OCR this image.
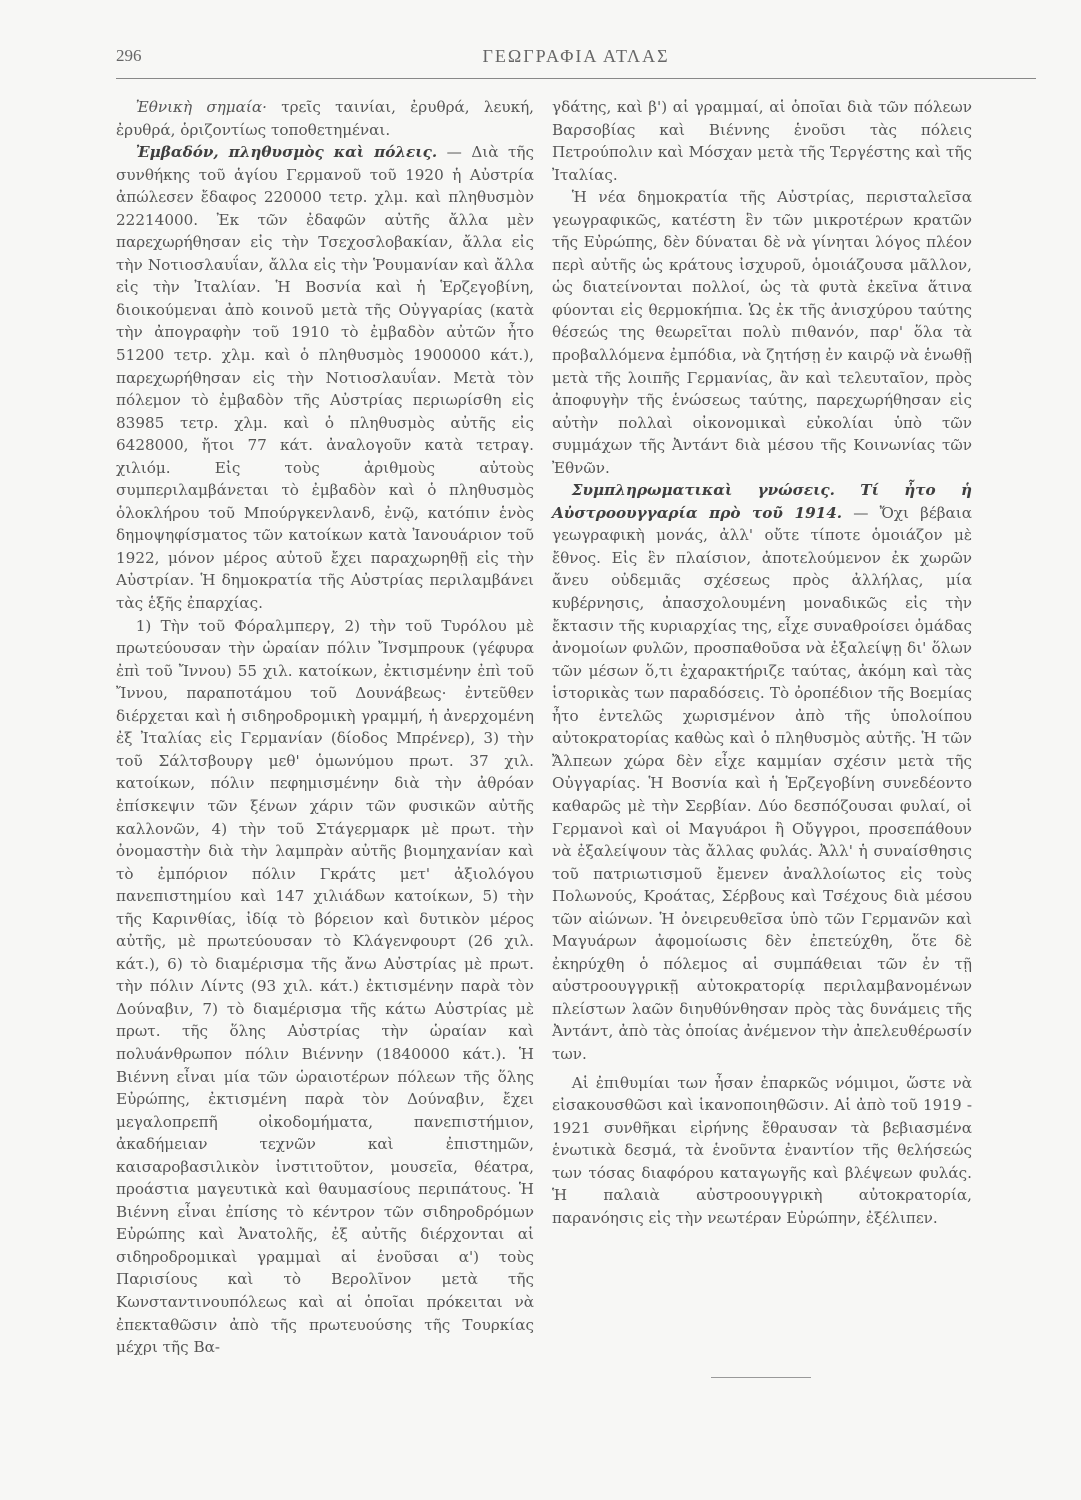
296	ΓΕΩΓΡΑΦΙΑ ΑΤΛΑΣ

Ἐθνικὴ σημαία· τρεῖς ταινίαι, ἐρυθρά, λευκή, ἐρυθρά, ὁριζοντίως τοποθετημέναι.

Ἐμβαδόν, πληθυσμὸς καὶ πόλεις. — Διὰ τῆς συνθήκης τοῦ ἁγίου Γερμανοῦ τοῦ 1920 ἡ Αὐστρία ἀπώλεσεν ἔδαφος 220000 τετρ. χλμ. καὶ πληθυσμὸν 22214000. Ἐκ τῶν ἐδαφῶν αὐτῆς ἄλλα μὲν παρεχωρήθησαν εἰς τὴν Τσεχοσλοβακίαν, ἄλλα εἰς τὴν Νοτιοσλαυΐαν, ἄλλα εἰς τὴν Ῥουμανίαν καὶ ἄλλα εἰς τὴν Ἰταλίαν. Ἡ Βοσνία καὶ ἡ Ἑρζεγοβίνη, διοικούμεναι ἀπὸ κοινοῦ μετὰ τῆς Οὐγγαρίας (κατὰ τὴν ἀπογραφὴν τοῦ 1910 τὸ ἐμβαδὸν αὐτῶν ἦτο 51200 τετρ. χλμ. καὶ ὁ πληθυσμὸς 1900000 κάτ.), παρεχωρήθησαν εἰς τὴν Νοτιοσλαυΐαν. Μετὰ τὸν πόλεμον τὸ ἐμβαδὸν τῆς Αὐστρίας περιωρίσθη εἰς 83985 τετρ. χλμ. καὶ ὁ πληθυσμὸς αὐτῆς εἰς 6428000, ἤτοι 77 κάτ. ἀναλογοῦν κατὰ τετραγ. χιλιόμ. Εἰς τοὺς ἀριθμοὺς αὐτοὺς συμπεριλαμβάνεται τὸ ἐμβαδὸν καὶ ὁ πληθυσμὸς ὁλοκλήρου τοῦ Μπούργκενλανδ, ἐνῷ, κατόπιν ἑνὸς δημοψηφίσματος τῶν κατοίκων κατὰ Ἰανουάριον τοῦ 1922, μόνον μέρος αὐτοῦ ἔχει παραχωρηθῇ εἰς τὴν Αὐστρίαν. Ἡ δημοκρατία τῆς Αὐστρίας περιλαμβάνει τὰς ἑξῆς ἐπαρχίας.

1) Τὴν τοῦ Φόραλμπεργ, 2) τὴν τοῦ Τυρόλου μὲ πρωτεύουσαν τὴν ὡραίαν πόλιν Ἴνσμπρουκ (γέφυρα ἐπὶ τοῦ Ἴννου) 55 χιλ. κατοίκων, ἐκτισμένην ἐπὶ τοῦ Ἴννου, παραποτάμου τοῦ Δουνάβεως· ἐντεῦθεν διέρχεται καὶ ἡ σιδηροδρομικὴ γραμμή, ἡ ἀνερχομένη ἐξ Ἰταλίας εἰς Γερμανίαν (δίοδος Μπρένερ), 3) τὴν τοῦ Σάλτσβουργ μεθ' ὁμωνύμου πρωτ. 37 χιλ. κατοίκων, πόλιν πεφημισμένην διὰ τὴν ἀθρόαν ἐπίσκεψιν τῶν ξένων χάριν τῶν φυσικῶν αὐτῆς καλλονῶν, 4) τὴν τοῦ Στάγερμαρκ μὲ πρωτ. τὴν ὀνομαστὴν διὰ τὴν λαμπρὰν αὐτῆς βιομηχανίαν καὶ τὸ ἐμπόριον πόλιν Γκράτς μετ' ἀξιολόγου πανεπιστημίου καὶ 147 χιλιάδων κατοίκων, 5) τὴν τῆς Καρινθίας, ἰδίᾳ τὸ βόρειον καὶ δυτικὸν μέρος αὐτῆς, μὲ πρωτεύουσαν τὸ Κλάγενφουρτ (26 χιλ. κάτ.), 6) τὸ διαμέρισμα τῆς ἄνω Αὐστρίας μὲ πρωτ. τὴν πόλιν Λίντς (93 χιλ. κάτ.) ἐκτισμένην παρὰ τὸν Δούναβιν, 7) τὸ διαμέρισμα τῆς κάτω Αὐστρίας μὲ πρωτ. τῆς ὅλης Αὐστρίας τὴν ὡραίαν καὶ πολυάνθρωπον πόλιν Βιέννην (1840000 κάτ.). Ἡ Βιέννη εἶναι μία τῶν ὡραιοτέρων πόλεων τῆς ὅλης Εὐρώπης, ἐκτισμένη παρὰ τὸν Δούναβιν, ἔχει μεγαλοπρεπῆ οἰκοδομήματα, πανεπιστήμιον, ἀκαδήμειαν τεχνῶν καὶ ἐπιστημῶν, καισαροβασιλικὸν ἰνστιτοῦτον, μουσεῖα, θέατρα, προάστια μαγευτικὰ καὶ θαυμασίους περιπάτους. Ἡ Βιέννη εἶναι ἐπίσης τὸ κέντρον τῶν σιδηροδρόμων Εὐρώπης καὶ Ἀνατολῆς, ἐξ αὐτῆς διέρχονται αἱ σιδηροδρομικαὶ γραμμαὶ αἱ ἑνοῦσαι α') τοὺς Παρισίους καὶ τὸ Βερολῖνον μετὰ τῆς Κωνσταντινουπόλεως καὶ αἱ ὁποῖαι πρόκειται νὰ ἐπεκταθῶσιν ἀπὸ τῆς πρωτευούσης τῆς Τουρκίας μέχρι τῆς Βα-

γδάτης, καὶ β') αἱ γραμμαί, αἱ ὁποῖαι διὰ τῶν πόλεων Βαρσοβίας καὶ Βιέννης ἑνοῦσι τὰς πόλεις Πετρούπολιν καὶ Μόσχαν μετὰ τῆς Τεργέστης καὶ τῆς Ἰταλίας.

Ἡ νέα δημοκρατία τῆς Αὐστρίας, περισταλεῖσα γεωγραφικῶς, κατέστη ἓν τῶν μικροτέρων κρατῶν τῆς Εὐρώπης, δὲν δύναται δὲ νὰ γίνηται λόγος πλέον περὶ αὐτῆς ὡς κράτους ἰσχυροῦ, ὁμοιάζουσα μᾶλλον, ὡς διατείνονται πολλοί, ὡς τὰ φυτὰ ἐκεῖνα ἅτινα φύονται εἰς θερμοκήπια. Ὡς ἐκ τῆς ἀνισχύρου ταύτης θέσεώς της θεωρεῖται πολὺ πιθανόν, παρ' ὅλα τὰ προβαλλόμενα ἐμπόδια, νὰ ζητήσῃ ἐν καιρῷ νὰ ἑνωθῇ μετὰ τῆς λοιπῆς Γερμανίας, ἂν καὶ τελευταῖον, πρὸς ἀποφυγὴν τῆς ἑνώσεως ταύτης, παρεχωρήθησαν εἰς αὐτὴν πολλαὶ οἰκονομικαὶ εὐκολίαι ὑπὸ τῶν συμμάχων τῆς Ἀντάντ διὰ μέσου τῆς Κοινωνίας τῶν Ἐθνῶν.

Συμπληρωματικαὶ γνώσεις. Τί ἦτο ἡ Αὐστροουγγαρία πρὸ τοῦ 1914. — Ὄχι βέβαια γεωγραφικὴ μονάς, ἀλλ' οὔτε τίποτε ὁμοιάζον μὲ ἔθνος. Εἰς ἓν πλαίσιον, ἀποτελούμενον ἐκ χωρῶν ἄνευ οὐδεμιᾶς σχέσεως πρὸς ἀλλήλας, μία κυβέρνησις, ἀπασχολουμένη μοναδικῶς εἰς τὴν ἔκτασιν τῆς κυριαρχίας της, εἶχε συναθροίσει ὁμάδας ἀνομοίων φυλῶν, προσπαθοῦσα νὰ ἐξαλείψῃ δι' ὅλων τῶν μέσων ὅ,τι ἐχαρακτήριζε ταύτας, ἀκόμη καὶ τὰς ἱστορικὰς των παραδόσεις. Τὸ ὀροπέδιον τῆς Βοεμίας ἦτο ἐντελῶς χωρισμένον ἀπὸ τῆς ὑπολοίπου αὐτοκρατορίας καθὼς καὶ ὁ πληθυσμὸς αὐτῆς. Ἡ τῶν Ἄλπεων χώρα δὲν εἶχε καμμίαν σχέσιν μετὰ τῆς Οὐγγαρίας. Ἡ Βοσνία καὶ ἡ Ἑρζεγοβίνη συνεδέοντο καθαρῶς μὲ τὴν Σερβίαν. Δύο δεσπόζουσαι φυλαί, οἱ Γερμανοὶ καὶ οἱ Μαγυάροι ἢ Οὔγγροι, προσεπάθουν νὰ ἐξαλείψουν τὰς ἄλλας φυλάς. Ἀλλ' ἡ συναίσθησις τοῦ πατριωτισμοῦ ἔμενεν ἀναλλοίωτος εἰς τοὺς Πολωνούς, Κροάτας, Σέρβους καὶ Τσέχους διὰ μέσου τῶν αἰώνων. Ἡ ὀνειρευθεῖσα ὑπὸ τῶν Γερμανῶν καὶ Μαγυάρων ἀφομοίωσις δὲν ἐπετεύχθη, ὅτε δὲ ἐκηρύχθη ὁ πόλεμος αἱ συμπάθειαι τῶν ἐν τῇ αὐστροουγγρικῇ αὐτοκρατορίᾳ περιλαμβανομένων πλείστων λαῶν διηυθύνθησαν πρὸς τὰς δυνάμεις τῆς Ἀντάντ, ἀπὸ τὰς ὁποίας ἀνέμενον τὴν ἀπελευθέρωσίν των.

Αἱ ἐπιθυμίαι των ἦσαν ἐπαρκῶς νόμιμοι, ὥστε νὰ εἰσακουσθῶσι καὶ ἱκανοποιηθῶσιν. Αἱ ἀπὸ τοῦ 1919 - 1921 συνθῆκαι εἰρήνης ἔθραυσαν τὰ βεβιασμένα ἑνωτικὰ δεσμά, τὰ ἑνοῦντα ἐναντίον τῆς θελήσεώς των τόσας διαφόρου καταγωγῆς καὶ βλέψεων φυλάς. Ἡ παλαιὰ αὐστροουγγρικὴ αὐτοκρατορία, παρανόησις εἰς τὴν νεωτέραν Εὐρώπην, ἐξέλιπεν.
